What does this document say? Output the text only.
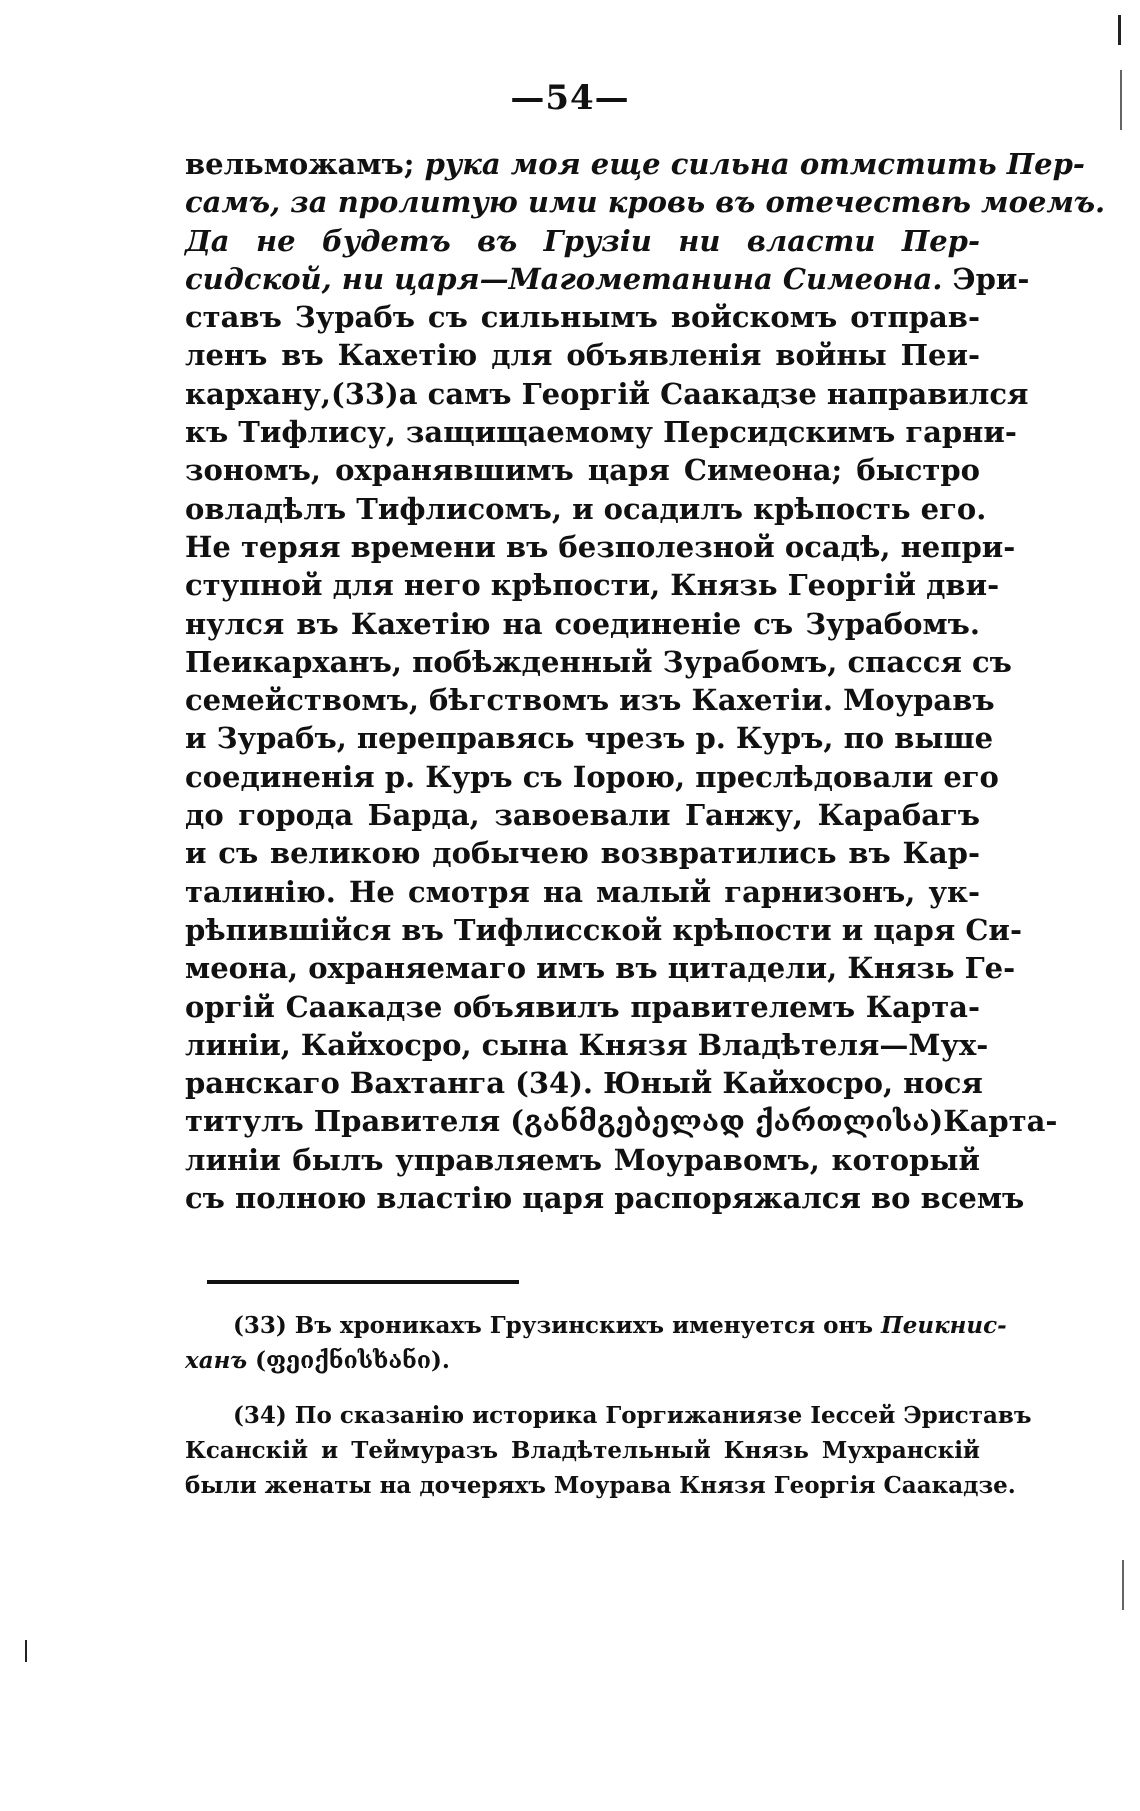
—54—
вельможамъ; рука моя еще сильна отмстить Пер-
самъ, за пролитую ими кровь въ отечествѣ моемъ.
Да не будетъ въ Грузіи ни власти Пер-
сидской, ни царя—Магометанина Симеона. Эри-
ставъ Зурабъ съ сильнымъ войскомъ отправ-
ленъ въ Кахетію для объявленія войны Пеи-
кархану,(33)а самъ Георгій Саакадзе направился
къ Тифлису, защищаемому Персидскимъ гарни-
зономъ, охранявшимъ царя Симеона; быстро
овладѣлъ Тифлисомъ, и осадилъ крѣпость его.
Не теряя времени въ безполезной осадѣ, непри-
ступной для него крѣпости, Князь Георгій дви-
нулся въ Кахетію на соединеніе съ Зурабомъ.
Пеикарханъ, побѣжденный Зурабомъ, спасся съ
семействомъ, бѣгствомъ изъ Кахетіи. Моуравъ
и Зурабъ, переправясь чрезъ р. Куръ, по выше
соединенія р. Куръ съ Іорою, преслѣдовали его
до города Барда, завоевали Ганжу, Карабагъ
и съ великою добычею возвратились въ Кар-
талинію. Не смотря на малый гарнизонъ, ук-
рѣпившійся въ Тифлисской крѣпости и царя Си-
меона, охраняемаго имъ въ цитадели, Князь Ге-
оргій Саакадзе объявилъ правителемъ Карта-
линіи, Кайхосро, сына Князя Владѣтеля—Мух-
ранскаго Вахтанга (34). Юный Кайхосро, нося
титулъ Правителя (განმგებელად ქართლისა)Карта-
линіи былъ управляемъ Моуравомъ, который
съ полною властію царя распоряжался во всемъ
(33) Въ хроникахъ Грузинскихъ именуется онъ Пеикнис-
ханъ (ფეიქნისხანი).
(34) По сказанію историка Горгижаниязе Іессей Эриставъ
Ксанскій и Теймуразъ Владѣтельный Князь Мухранскій
были женаты на дочеряхъ Моурава Князя Георгія Саакадзе.
